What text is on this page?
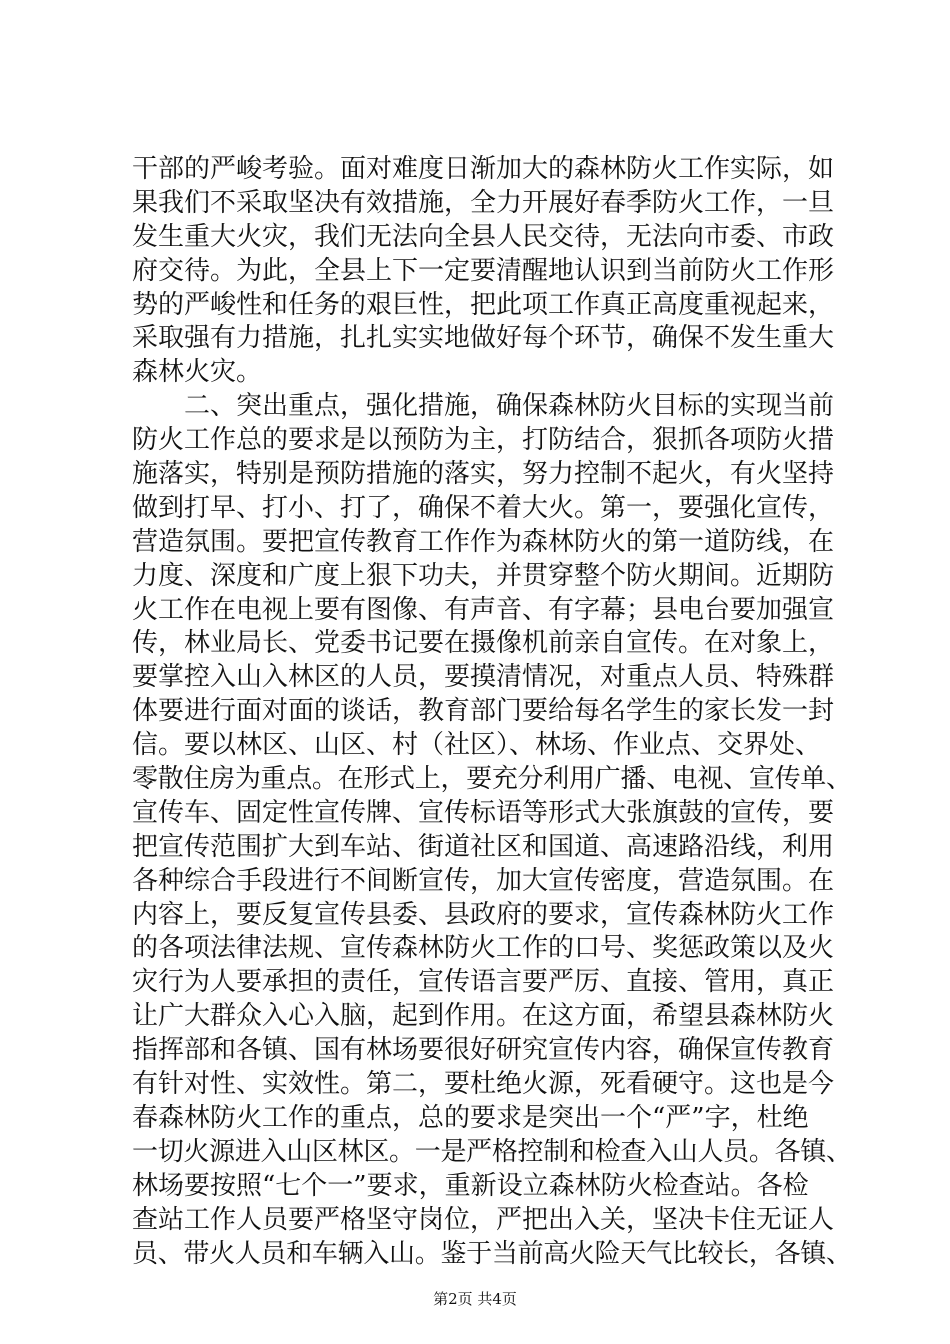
干部的严峻考验。面对难度日渐加大的森林防火工作实际，如
果我们不采取坚决有效措施，全力开展好春季防火工作，一旦
发生重大火灾，我们无法向全县人民交待，无法向市委、市政
府交待。为此，全县上下一定要清醒地认识到当前防火工作形
势的严峻性和任务的艰巨性，把此项工作真正高度重视起来，
采取强有力措施，扎扎实实地做好每个环节，确保不发生重大
森林火灾。
　　二、突出重点，强化措施，确保森林防火目标的实现当前
防火工作总的要求是以预防为主，打防结合，狠抓各项防火措
施落实，特别是预防措施的落实，努力控制不起火，有火坚持
做到打早、打小、打了，确保不着大火。第一，要强化宣传，
营造氛围。要把宣传教育工作作为森林防火的第一道防线，在
力度、深度和广度上狠下功夫，并贯穿整个防火期间。近期防
火工作在电视上要有图像、有声音、有字幕；县电台要加强宣
传，林业局长、党委书记要在摄像机前亲自宣传。在对象上，
要掌控入山入林区的人员，要摸清情况，对重点人员、特殊群
体要进行面对面的谈话，教育部门要给每名学生的家长发一封
信。要以林区、山区、村（社区）、林场、作业点、交界处、
零散住房为重点。在形式上，要充分利用广播、电视、宣传单、
宣传车、固定性宣传牌、宣传标语等形式大张旗鼓的宣传，要
把宣传范围扩大到车站、街道社区和国道、高速路沿线，利用
各种综合手段进行不间断宣传，加大宣传密度，营造氛围。在
内容上，要反复宣传县委、县政府的要求，宣传森林防火工作
的各项法律法规、宣传森林防火工作的口号、奖惩政策以及火
灾行为人要承担的责任，宣传语言要严厉、直接、管用，真正
让广大群众入心入脑，起到作用。在这方面，希望县森林防火
指挥部和各镇、国有林场要很好研究宣传内容，确保宣传教育
有针对性、实效性。第二，要杜绝火源，死看硬守。这也是今
春森林防火工作的重点，总的要求是突出一个“严”字，杜绝
一切火源进入山区林区。一是严格控制和检查入山人员。各镇、
林场要按照“七个一”要求，重新设立森林防火检查站。各检
查站工作人员要严格坚守岗位，严把出入关，坚决卡住无证人
员、带火人员和车辆入山。鉴于当前高火险天气比较长，各镇、
第2页 共4页
